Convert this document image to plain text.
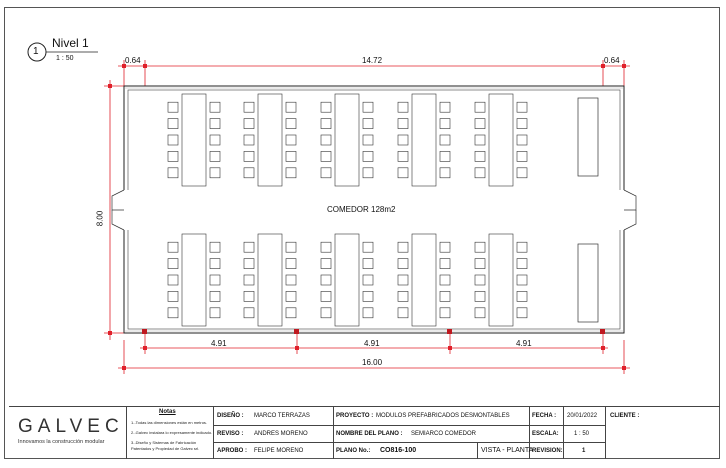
1
Nivel 1
1 : 50	0.64	14.72	0.64
8.00
4.91	4.91	4.91
16.00
COMEDOR 128m2
GALVEC
Innovamos la construcción modular
Notas
1.-Todas las dimensiones están en metros.
2.-Galvec instalara lo expresamente indicado.
3.-Diseño y Sistemas de Fabricación
Patentados y Propiedad de Galvec srl.
DISEÑO : MARCO TERRAZAS
REVISO : ANDRES MORENO
APROBO : FELIPE MORENO
PROYECTO : MODULOS PREFABRICADOS DESMONTABLES
NOMBRE DEL PLANO : SEMIARCO COMEDOR
PLANO No.: CO816-100	VISTA - PLANTA
FECHA : 20/01/2022
ESCALA:	1 : 50
REVISION:	1
CLIENTE :
